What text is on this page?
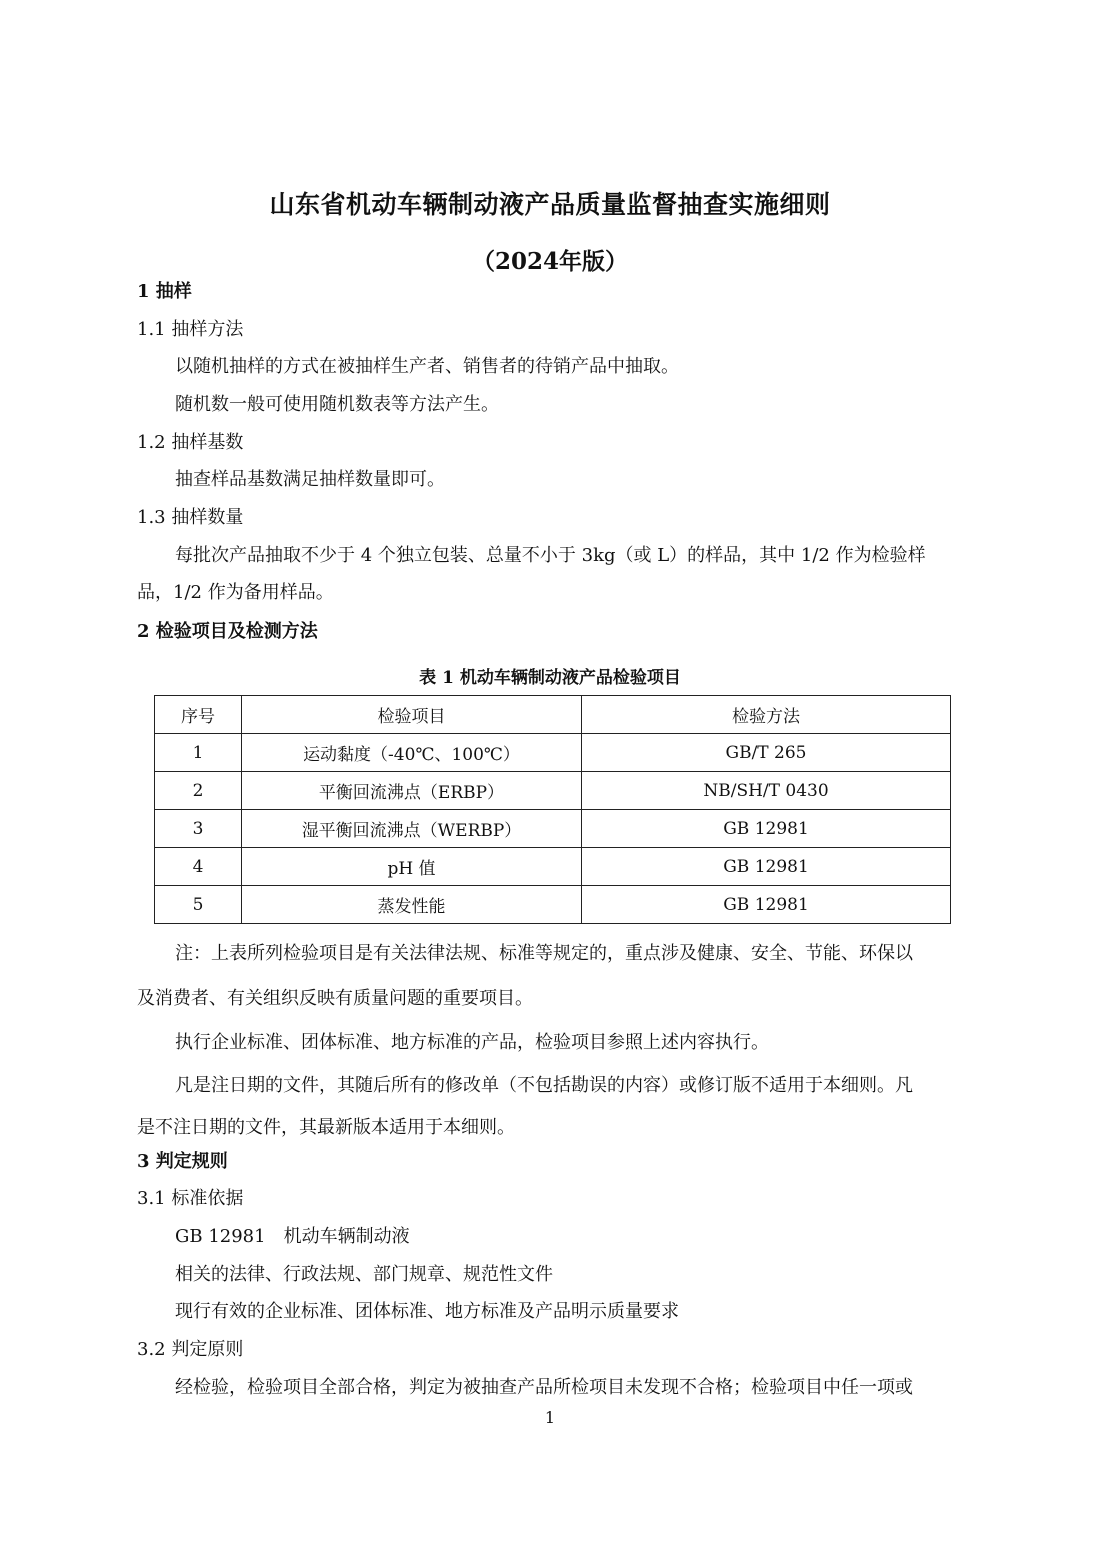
山东省机动车辆制动液产品质量监督抽查实施细则
（2024年版）
1 抽样
1.1 抽样方法
以随机抽样的方式在被抽样生产者、销售者的待销产品中抽取。
随机数一般可使用随机数表等方法产生。
1.2 抽样基数
抽查样品基数满足抽样数量即可。
1.3 抽样数量
每批次产品抽取不少于 4 个独立包装、总量不小于 3kg（或 L）的样品，其中 1/2 作为检验样
品，1/2 作为备用样品。
2 检验项目及检测方法
表 1 机动车辆制动液产品检验项目
序号	检验项目	检验方法
1	运动黏度（-40℃、100℃）	GB/T 265
2	平衡回流沸点（ERBP）	NB/SH/T 0430
3	湿平衡回流沸点（WERBP）	GB 12981
4	pH 值	GB 12981
5	蒸发性能	GB 12981
注：上表所列检验项目是有关法律法规、标准等规定的，重点涉及健康、安全、节能、环保以
及消费者、有关组织反映有质量问题的重要项目。
执行企业标准、团体标准、地方标准的产品，检验项目参照上述内容执行。
凡是注日期的文件，其随后所有的修改单（不包括勘误的内容）或修订版不适用于本细则。凡
是不注日期的文件，其最新版本适用于本细则。
3 判定规则
3.1 标准依据
GB 12981　机动车辆制动液
相关的法律、行政法规、部门规章、规范性文件
现行有效的企业标准、团体标准、地方标准及产品明示质量要求
3.2 判定原则
经检验，检验项目全部合格，判定为被抽查产品所检项目未发现不合格；检验项目中任一项或
1
